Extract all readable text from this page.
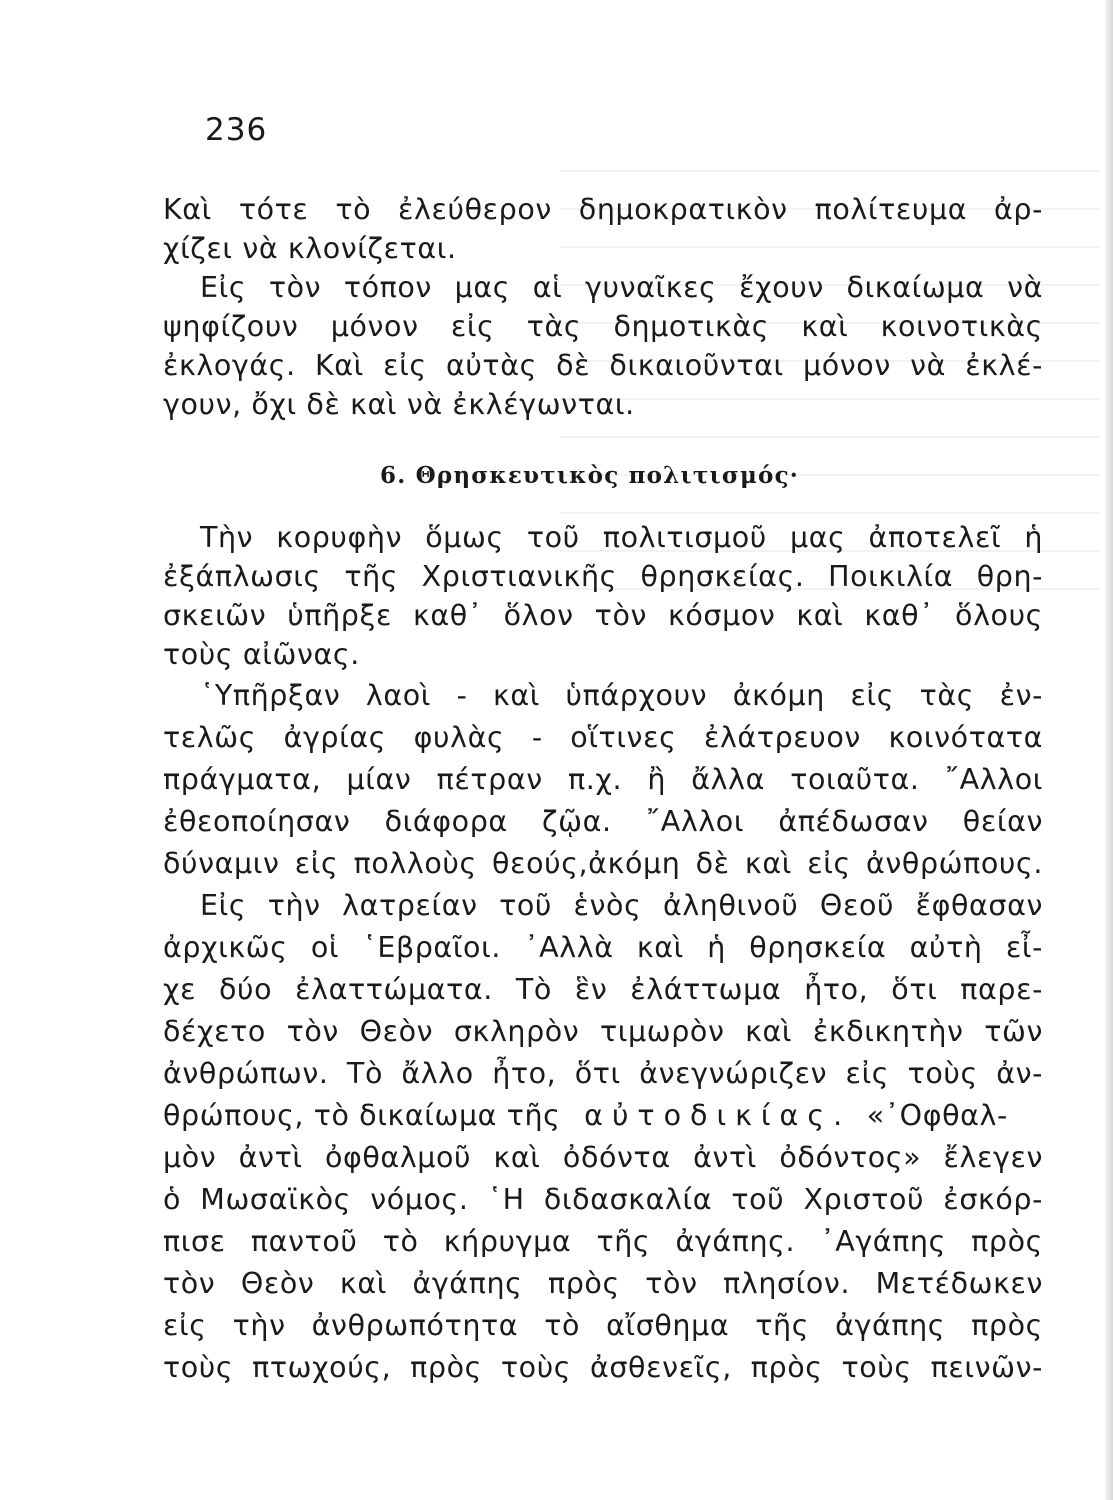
236
Καὶ τότε τὸ ἐλεύθερον δημοκρατικὸν πολίτευμα ἀρ-
χίζει νὰ κλονίζεται.
Εἰς τὸν τόπον μας αἱ γυναῖκες ἔχουν δικαίωμα νὰ
ψηφίζουν μόνον εἰς τὰς δημοτικὰς καὶ κοινοτικὰς
ἐκλογάς. Καὶ εἰς αὐτὰς δὲ δικαιοῦνται μόνον νὰ ἐκλέ-
γουν, ὄχι δὲ καὶ νὰ ἐκλέγωνται.
6. Θρησκευτικὸς πολιτισμός·
Τὴν κορυφὴν ὅμως τοῦ πολιτισμοῦ μας ἀποτελεῖ ἡ
ἐξάπλωσις τῆς Χριστιανικῆς θρησκείας. Ποικιλία θρη-
σκειῶν ὑπῆρξε καθ᾿ ὅλον τὸν κόσμον καὶ καθ᾿ ὅλους
τοὺς αἰῶνας.
῾Υπῆρξαν λαοὶ - καὶ ὑπάρχουν ἀκόμη εἰς τὰς ἐν-
τελῶς ἀγρίας φυλὰς - οἵτινες ἐλάτρευον κοινότατα
πράγματα, μίαν πέτραν π.χ. ἢ ἄλλα τοιαῦτα. ῎Αλλοι
ἐθεοποίησαν διάφορα ζῷα. ῎Αλλοι ἀπέδωσαν θείαν
δύναμιν εἰς πολλοὺς θεούς,ἀκόμη δὲ καὶ εἰς ἀνθρώπους.
Εἰς τὴν λατρείαν τοῦ ἑνὸς ἀληθινοῦ Θεοῦ ἔφθασαν
ἀρχικῶς οἱ ῾Εβραῖοι. ᾿Αλλὰ καὶ ἡ θρησκεία αὐτὴ εἶ-
χε δύο ἐλαττώματα. Τὸ ἓν ἐλάττωμα ἦτο, ὅτι παρε-
δέχετο τὸν Θεὸν σκληρὸν τιμωρὸν καὶ ἐκδικητὴν τῶν
ἀνθρώπων. Τὸ ἄλλο ἦτο, ὅτι ἀνεγνώριζεν εἰς τοὺς ἀν-
θρώπους, τὸ δικαίωμα τῆς αὐτοδικίας. «᾿Οφθαλ-
μὸν ἀντὶ ὀφθαλμοῦ καὶ ὀδόντα ἀντὶ ὀδόντος» ἔλεγεν
ὁ Μωσαϊκὸς νόμος. ῾Η διδασκαλία τοῦ Χριστοῦ ἐσκόρ-
πισε παντοῦ τὸ κήρυγμα τῆς ἀγάπης. ᾿Αγάπης πρὸς
τὸν Θεὸν καὶ ἀγάπης πρὸς τὸν πλησίον. Μετέδωκεν
εἰς τὴν ἀνθρωπότητα τὸ αἴσθημα τῆς ἀγάπης πρὸς
τοὺς πτωχούς, πρὸς τοὺς ἀσθενεῖς, πρὸς τοὺς πεινῶν-
